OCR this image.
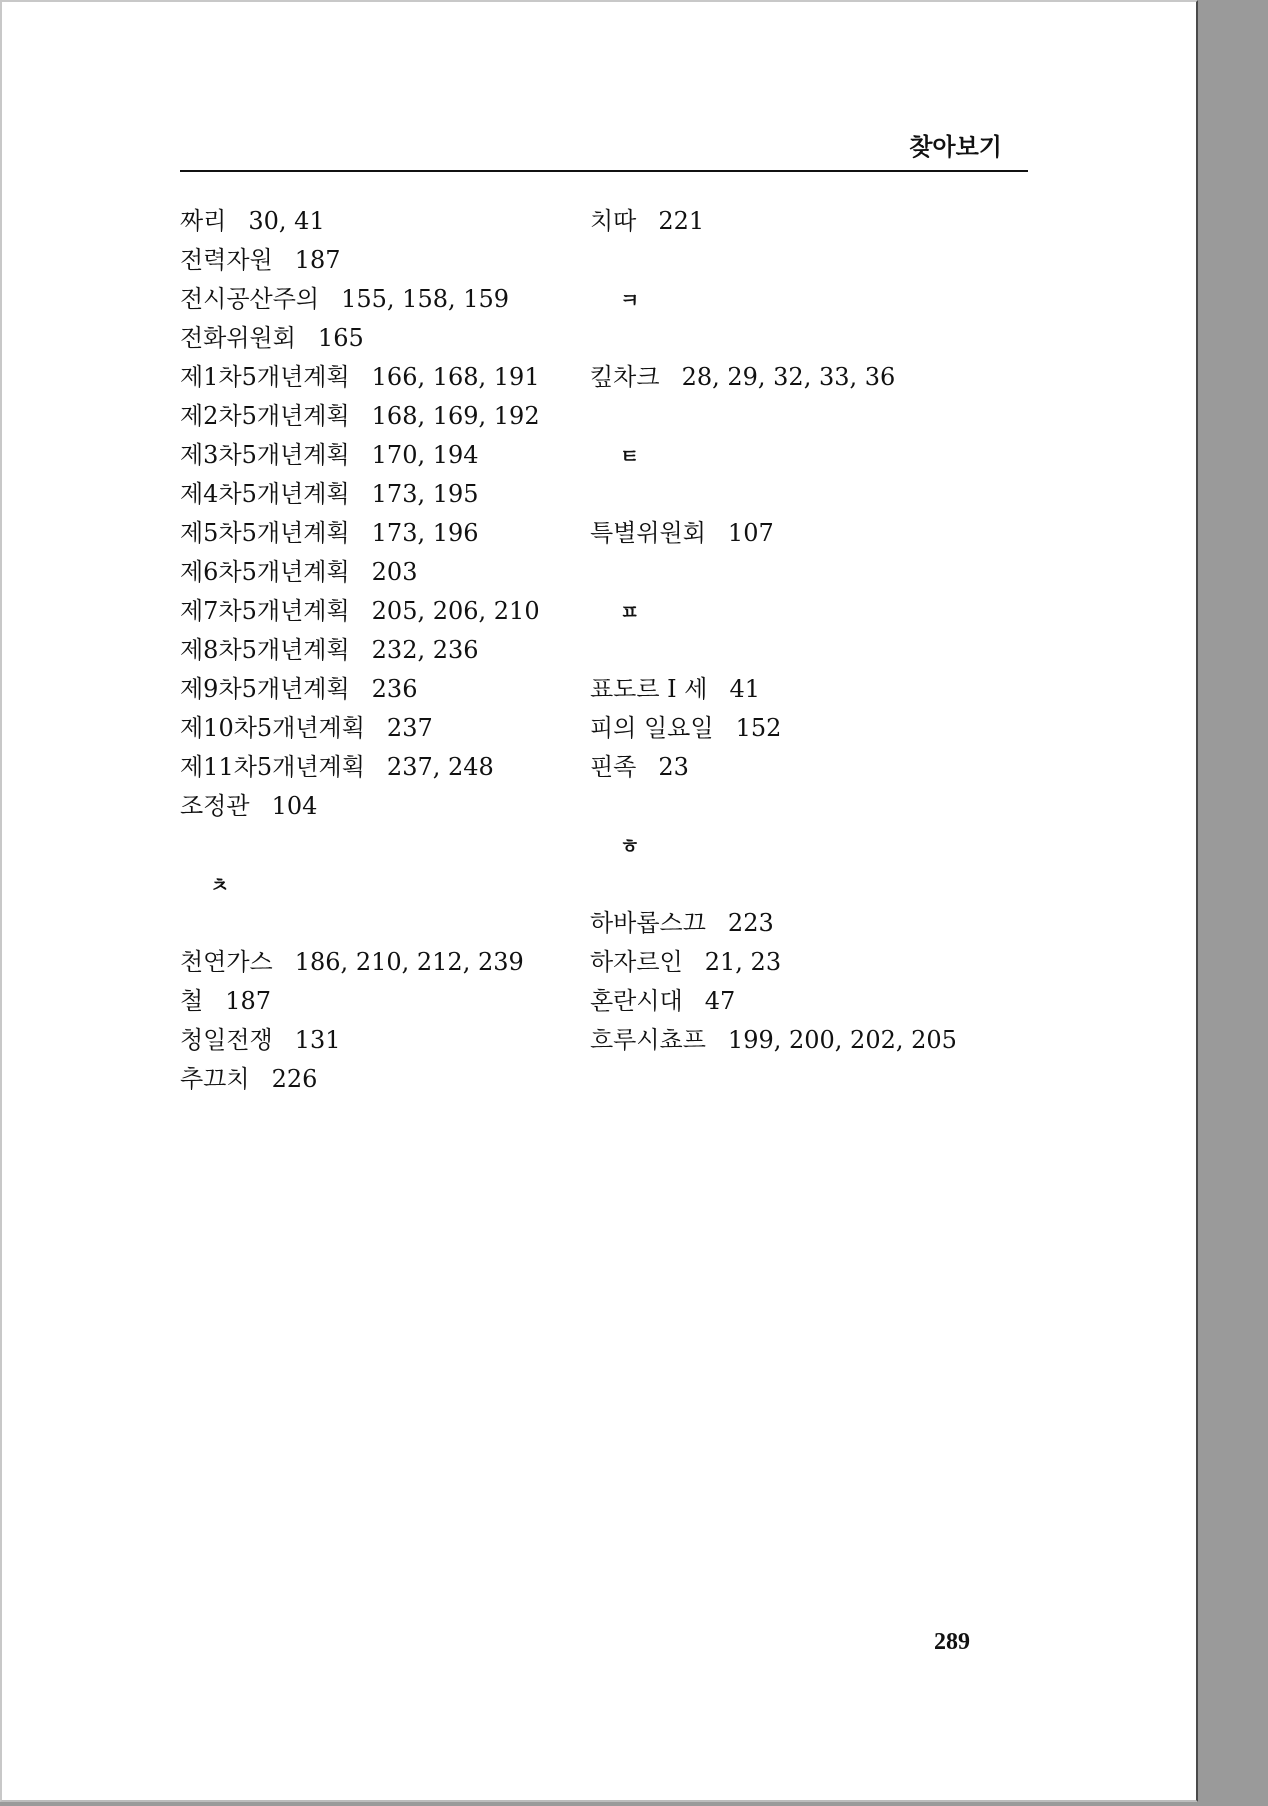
찾아보기
짜리 30, 41
전력자원 187
전시공산주의 155, 158, 159
전화위원회 165
제1차5개년계획 166, 168, 191
제2차5개년계획 168, 169, 192
제3차5개년계획 170, 194
제4차5개년계획 173, 195
제5차5개년계획 173, 196
제6차5개년계획 203
제7차5개년계획 205, 206, 210
제8차5개년계획 232, 236
제9차5개년계획 236
제10차5개년계획 237
제11차5개년계획 237, 248
조정관 104
ㅊ
천연가스 186, 210, 212, 239
철 187
청일전쟁 131
추끄치 226
치따 221
ㅋ
킾차크 28, 29, 32, 33, 36
ㅌ
특별위원회 107
ㅍ
표도르 I 세 41
피의 일요일 152
핀족 23
ㅎ
하바롭스끄 223
하자르인 21, 23
혼란시대 47
흐루시쵸프 199, 200, 202, 205
289
